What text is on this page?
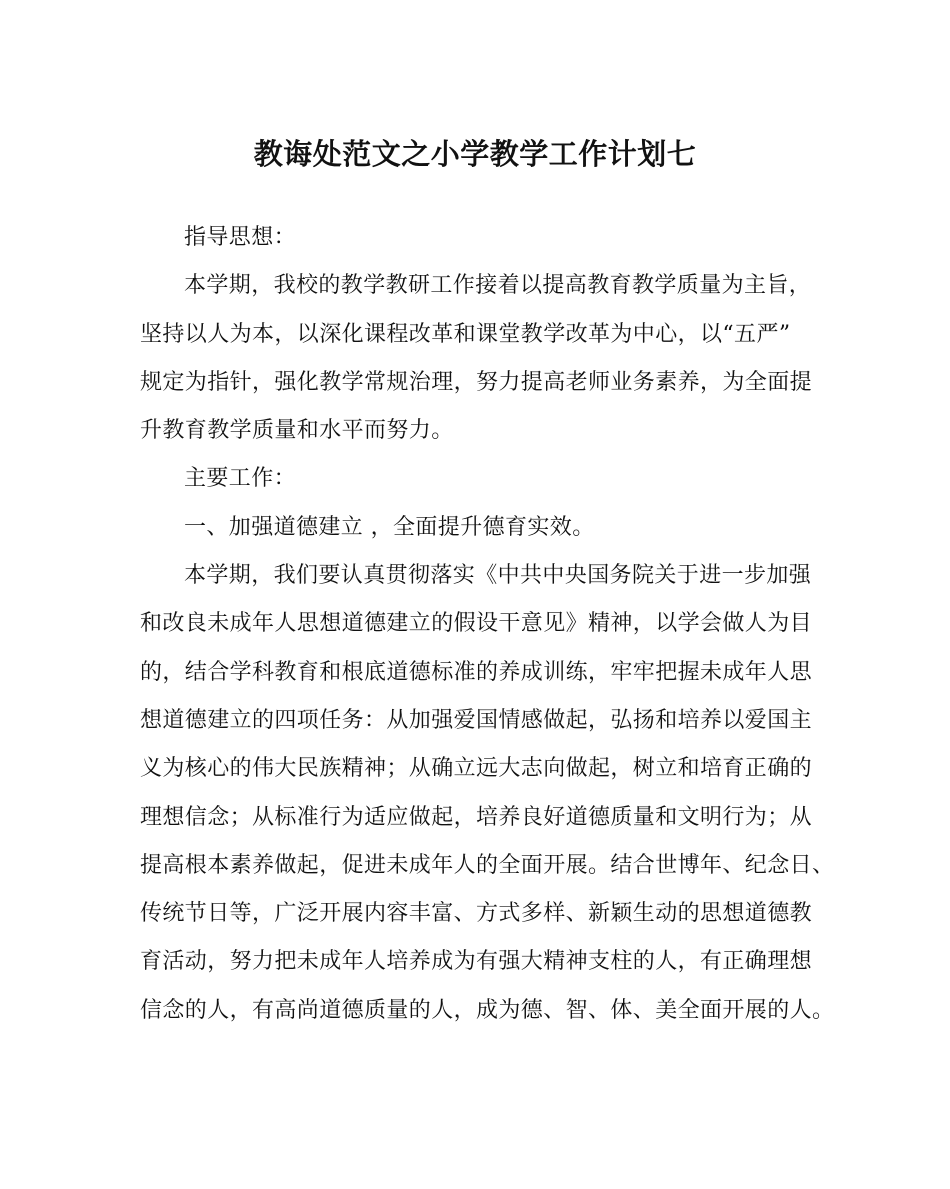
教诲处范文之小学教学工作计划七
指导思想：
本学期，我校的教学教研工作接着以提高教育教学质量为主旨，
坚持以人为本，以深化课程改革和课堂教学改革为中心，以“五严”
规定为指针，强化教学常规治理，努力提高老师业务素养，为全面提
升教育教学质量和水平而努力。
主要工作：
一、加强道德建立 ，全面提升德育实效。
本学期，我们要认真贯彻落实《中共中央国务院关于进一步加强
和改良未成年人思想道德建立的假设干意见》精神，以学会做人为目
的，结合学科教育和根底道德标准的养成训练，牢牢把握未成年人思
想道德建立的四项任务：从加强爱国情感做起，弘扬和培养以爱国主
义为核心的伟大民族精神；从确立远大志向做起，树立和培育正确的
理想信念；从标准行为适应做起，培养良好道德质量和文明行为；从
提高根本素养做起，促进未成年人的全面开展。结合世博年、纪念日、
传统节日等，广泛开展内容丰富、方式多样、新颖生动的思想道德教
育活动，努力把未成年人培养成为有强大精神支柱的人，有正确理想
信念的人，有高尚道德质量的人，成为德、智、体、美全面开展的人。
